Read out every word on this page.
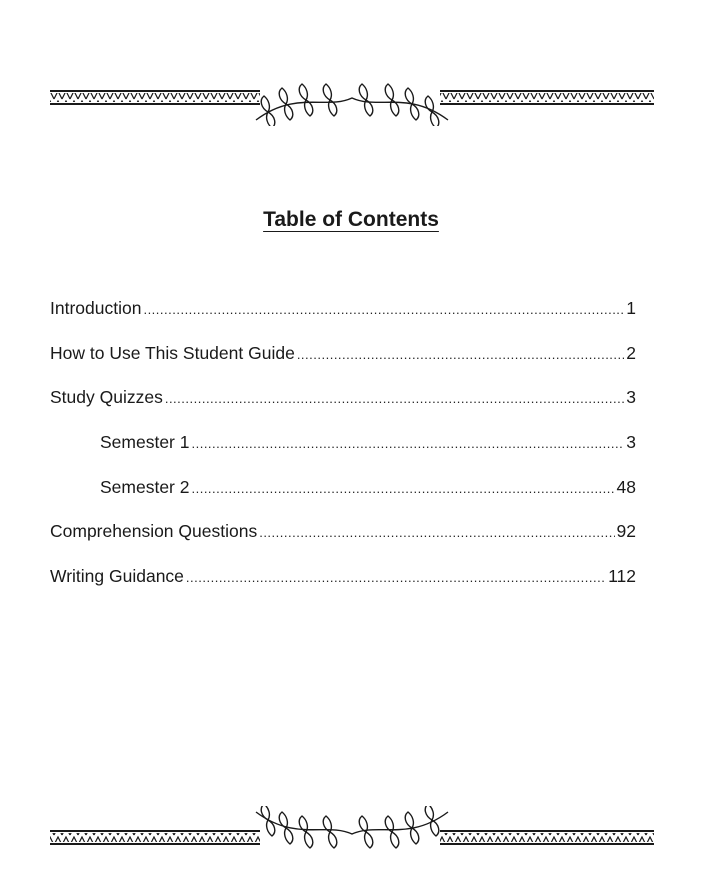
Table of Contents
Introduction .....	1
How to Use This Student Guide .....	2
Study Quizzes .....	3
Semester 1 .....	3
Semester 2 .....	48
Comprehension Questions .....	92
Writing Guidance .....	112
